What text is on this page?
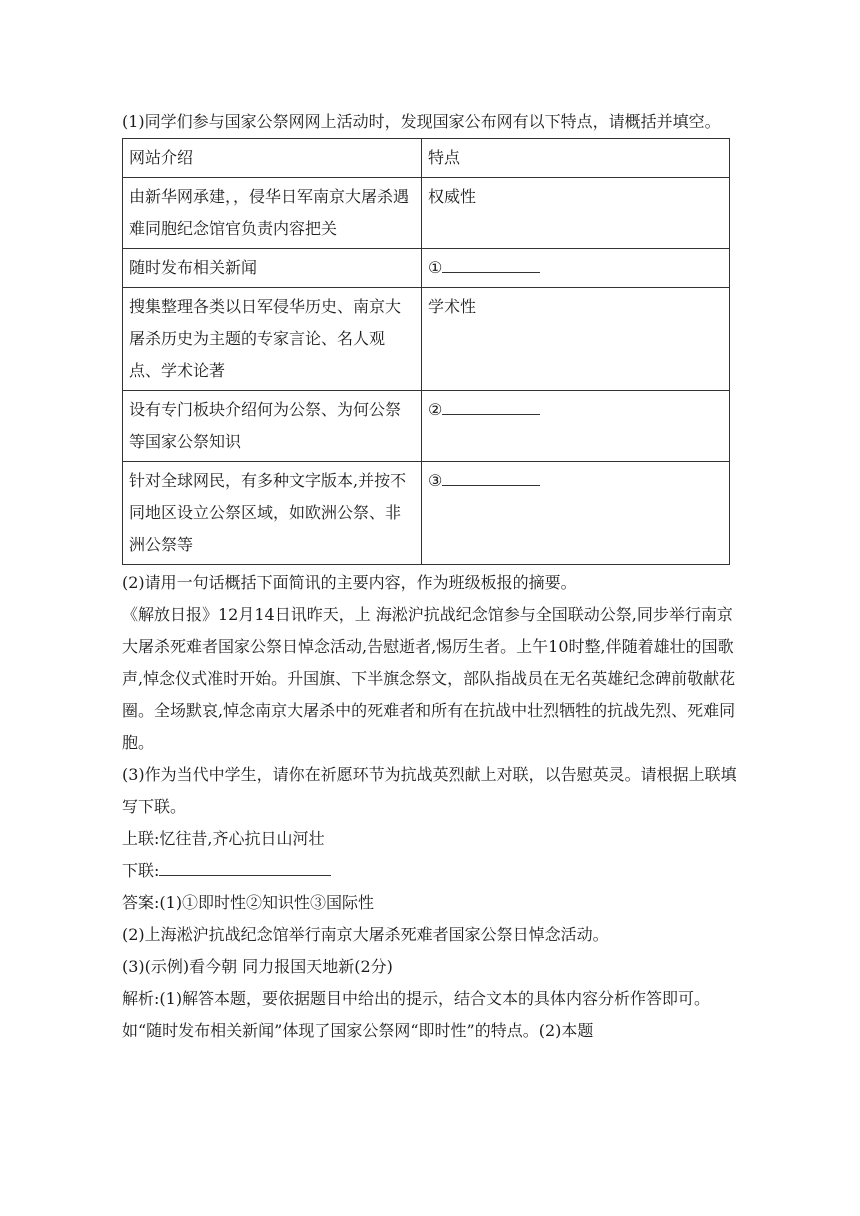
(1)同学们参与国家公祭网网上活动时，发现国家公布网有以下特点，请概括并填空。

网站介绍	特点
由新华网承建，，侵华日军南京大屠杀遇难同胞纪念馆官负责内容把关	权威性
随时发布相关新闻	①
搜集整理各类以日军侵华历史、南京大屠杀历史为主题的专家言论、名人观点、学术论著	学术性
设有专门板块介绍何为公祭、为何公祭等国家公祭知识	②
针对全球网民，有多种文字版本,并按不同地区设立公祭区域，如欧洲公祭、非洲公祭等	③

(2)请用一句话概括下面简讯的主要内容，作为班级板报的摘要。

《解放日报》12月14日讯昨天，上 海淞沪抗战纪念馆参与全国联动公祭,同步举行南京大屠杀死难者国家公祭日悼念活动,告慰逝者,惕厉生者。上午10时整,伴随着雄壮的国歌声,悼念仪式准时开始。升国旗、下半旗念祭文，部队指战员在无名英雄纪念碑前敬献花圈。全场默哀,悼念南京大屠杀中的死难者和所有在抗战中壮烈牺牲的抗战先烈、死难同胞。

(3)作为当代中学生，请你在祈愿环节为抗战英烈献上对联，以告慰英灵。请根据上联填写下联。

上联:忆往昔,齐心抗日山河壮

下联:

答案:(1)①即时性②知识性③国际性

(2)上海淞沪抗战纪念馆举行南京大屠杀死难者国家公祭日悼念活动。

(3)(示例)看今朝 同力报国天地新(2分)

解析:(1)解答本题，要依据题目中给出的提示，结合文本的具体内容分析作答即可。如“随时发布相关新闻”体现了国家公祭网“即时性”的特点。(2)本题
